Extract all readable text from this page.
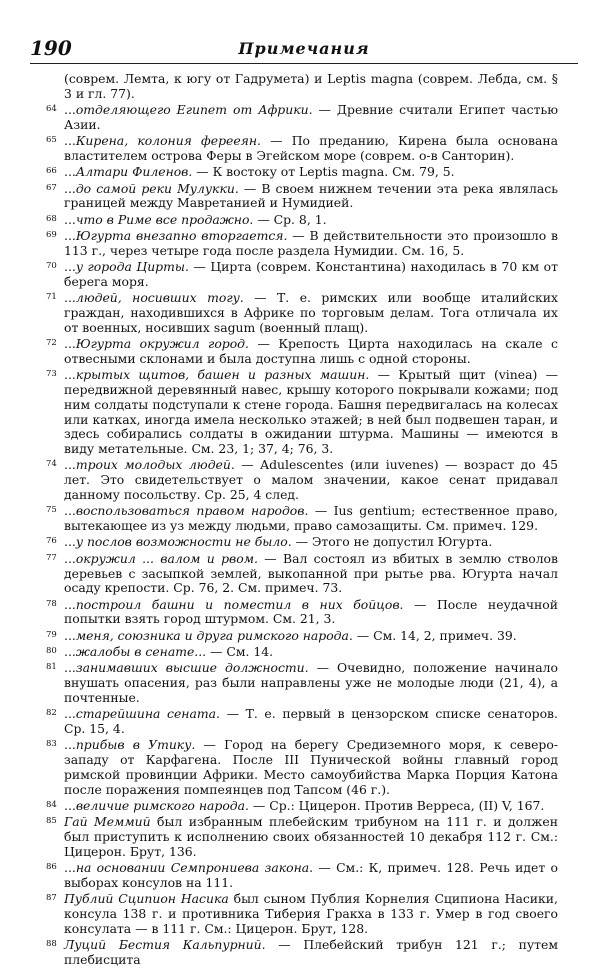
190	Примечания
(соврем. Лемта, к югу от Гадрумета) и Leptis magna (соврем. Лебда, см. § 3 и гл. 77).
64 ...отделяющего Египет от Африки. — Древние считали Египет частью Азии.
65 ...Кирена, колония ферееян. — По преданию, Кирена была основана властителем острова Феры в Эгейском море (соврем. о-в Санторин).
66 ...Алтари Филенов. — К востоку от Leptis magna. См. 79, 5.
67 ...до самой реки Мулукки. — В своем нижнем течении эта река являлась границей между Мавретанией и Нумидией.
68 ...что в Риме все продажно. — Ср. 8, 1.
69 ...Югурта внезапно вторгается. — В действительности это произошло в 113 г., через четыре года после раздела Нумидии. См. 16, 5.
70 ...у города Цирты. — Цирта (соврем. Константина) находилась в 70 км от берега моря.
71 ...людей, носивших тогу. — Т. е. римских или вообще италийских граждан, находившихся в Африке по торговым делам. Тога отличала их от военных, носивших sagum (военный плащ).
72 ...Югурта окружил город. — Крепость Цирта находилась на скале с отвесными склонами и была доступна лишь с одной стороны.
73 ...крытых щитов, башен и разных машин. — Крытый щит (vinea) — передвижной деревянный навес, крышу которого покрывали кожами; под ним солдаты подступали к стене города. Башня передвигалась на колесах или катках, иногда имела несколько этажей; в ней был подвешен таран, и здесь собирались солдаты в ожидании штурма. Машины — имеются в виду метательные. См. 23, 1; 37, 4; 76, 3.
74 ...троих молодых людей. — Adulescentes (или iuvenes) — возраст до 45 лет. Это свидетельствует о малом значении, какое сенат придавал данному посольству. Ср. 25, 4 след.
75 ...воспользоваться правом народов. — Ius gentium; естественное право, вытекающее из уз между людьми, право самозащиты. См. примеч. 129.
76 ...у послов возможности не было. — Этого не допустил Югурта.
77 ...окружил ... валом и рвом. — Вал состоял из вбитых в землю стволов деревьев с засыпкой землей, выкопанной при рытье рва. Югурта начал осаду крепости. Ср. 76, 2. См. примеч. 73.
78 ...построил башни и поместил в них бойцов. — После неудачной попытки взять город штурмом. См. 21, 3.
79 ...меня, союзника и друга римского народа. — См. 14, 2, примеч. 39.
80 ...жалобы в сенате... — См. 14.
81 ...занимавших высшие должности. — Очевидно, положение начинало внушать опасения, раз были направлены уже не молодые люди (21, 4), а почтенные.
82 ...старейшина сената. — Т. е. первый в цензорском списке сенаторов. Ср. 15, 4.
83 ...прибыв в Утику. — Город на берегу Средиземного моря, к северо-западу от Карфагена. После III Пунической войны главный город римской провинции Африки. Место самоубийства Марка Порция Катона после поражения помпеянцев под Тапсом (46 г.).
84 ...величие римского народа. — Ср.: Цицерон. Против Верреса, (II) V, 167.
85 Гай Меммий был избранным плебейским трибуном на 111 г. и должен был приступить к исполнению своих обязанностей 10 декабря 112 г. См.: Цицерон. Брут, 136.
86 ...на основании Семпрониева закона. — См.: К, примеч. 128. Речь идет о выборах консулов на 111.
87 Публий Сципион Насика был сыном Публия Корнелия Сципиона Насики, консула 138 г. и противника Тиберия Гракха в 133 г. Умер в год своего консулата — в 111 г. См.: Цицерон. Брут, 128.
88 Луций Бестия Кальпурний. — Плебейский трибун 121 г.; путем плебисцита
